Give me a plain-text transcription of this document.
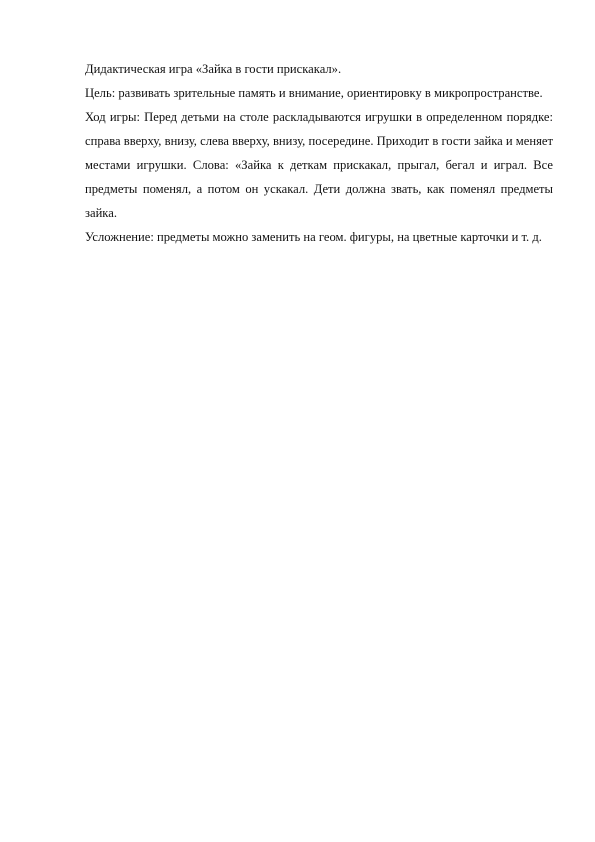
Дидактическая игра «Зайка в гости прискакал».

Цель: развивать зрительные память и внимание, ориентировку в микропространстве.

Ход игры: Перед детьми на столе раскладываются игрушки в определенном порядке: справа вверху, внизу, слева вверху, внизу, посередине. Приходит в гости зайка и меняет местами игрушки. Слова: «Зайка к деткам прискакал, прыгал, бегал и играл. Все предметы поменял, а потом он ускакал. Дети должна звать, как поменял предметы зайка.

Усложнение: предметы можно заменить на геом. фигуры, на цветные карточки и т. д.
